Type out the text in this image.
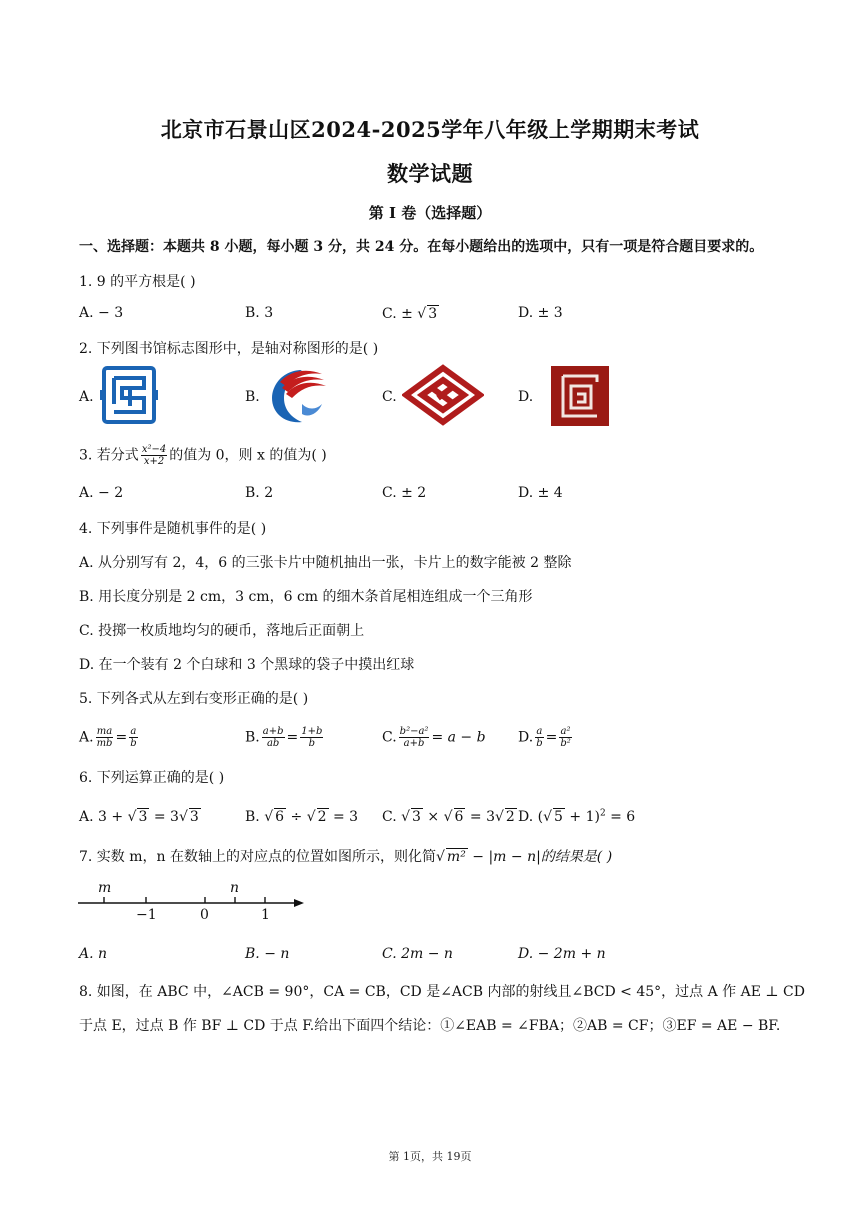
北京市石景山区2024-2025学年八年级上学期期末考试
数学试题
第 I 卷（选择题）
一、选择题：本题共 8 小题，每小题 3 分，共 24 分。在每小题给出的选项中，只有一项是符合题目要求的。
1. 9 的平方根是( )
A. − 3	B. 3	C. ± √ 3	D. ± 3
2. 下列图书馆标志图形中，是轴对称图形的是( )
A.	B.	C.	D.
3. 若分式 $\frac{\text{x²−4}}{x+2}$ 的值为 0，则 x 的值为( )
A. − 2	B. 2	C. ± 2	D. ± 4
4. 下列事件是随机事件的是( )
A. 从分别写有 2，4，6 的三张卡片中随机抽出一张，卡片上的数字能被 2 整除
B. 用长度分别是 2 cm，3 cm，6 cm 的细木条首尾相连组成一个三角形
C. 投掷一枚质地均匀的硬币，落地后正面朝上
D. 在一个装有 2 个白球和 3 个黑球的袋子中摸出红球
5. 下列各式从左到右变形正确的是( )
A. $\frac{ma}{mb} = \frac{a}{b}$	B. $\frac{a+b}{ab} = \frac{1+b}{b}$	C. $\frac{\text{b²−a²}}{a+b} = a - b$ D. $\frac{a}{b} = \frac{\text{a²}}{\text{b²}}$
6. 下列运算正确的是( )
A. 3 + √ 3 = 3√ 3	B. √ 6 ÷ √ 2 = 3 C. √ 3 × √ 6 = 3√ 2 D. (√ 5 + 1)$^2$ = 6
7. 实数 m，n 在数轴上的对应点的位置如图所示，则化简√ m² − |m − n|的结果是( )
m	n
−1	0	1
A. n	B. − n	C. 2m − n	D. − 2m + n
8. 如图，在 ABC 中，∠ACB = 90°，CA = CB，CD 是∠ACB 内部的射线且∠BCD < 45°，过点 A 作 AE ⊥ CD
于点 E，过点 B 作 BF ⊥ CD 于点 F.给出下面四个结论：①∠EAB = ∠FBA；②AB = CF；③EF = AE − BF.
第 1页，共 19页
